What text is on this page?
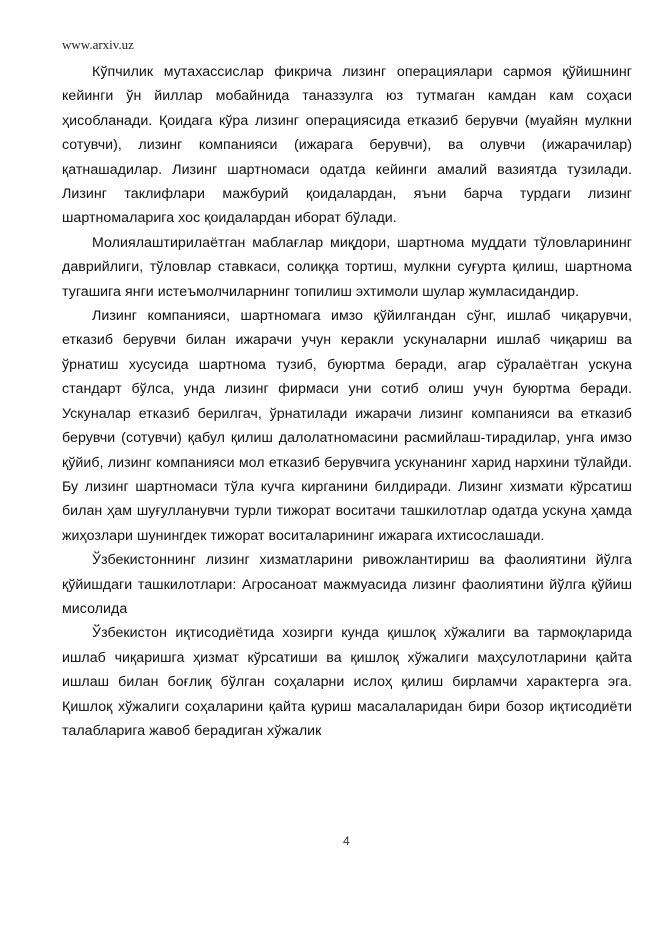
www.arxiv.uz

Кўпчилик мутахассислар фикрича лизинг операциялари сармоя қўйишнинг кейинги ўн йиллар мобайнида таназзулга юз тутмаган камдан кам соҳаси ҳисобланади. Қоидага кўра лизинг операциясида етказиб берувчи (муайян мулкни сотувчи), лизинг компанияси (ижарага берувчи), ва олувчи (ижарачилар) қатнашадилар. Лизинг шартномаси одатда кейинги амалий вазиятда тузилади. Лизинг таклифлари мажбурий қоидалардан, яъни барча турдаги лизинг шартномаларига хос қоидалардан иборат бўлади.

Молиялаштирилаётган маблағлар миқдори, шартнома муддати тўловларининг даврийлиги, тўловлар ставкаси, солиққа тортиш, мулкни суғурта қилиш, шартнома тугашига янги истеъмолчиларнинг топилиш эхтимоли шулар жумласидандир.

Лизинг компанияси, шартномага имзо қўйилгандан сўнг, ишлаб чиқарувчи, етказиб берувчи билан ижарачи учун керакли ускуналарни ишлаб чиқариш ва ўрнатиш хусусида шартнома тузиб, буюртма беради, агар сўралаётган ускуна стандарт бўлса, унда лизинг фирмаси уни сотиб олиш учун буюртма беради. Ускуналар етказиб берилгач, ўрнатилади ижарачи лизинг компанияси ва етказиб берувчи (сотувчи) қабул қилиш далолатномасини расмийлаш-тирадилар, унга имзо қўйиб, лизинг компанияси мол етказиб берувчига ускунанинг харид нархини тўлайди. Бу лизинг шартномаси тўла кучга кирганини билдиради. Лизинг хизмати кўрсатиш билан ҳам шуғулланувчи турли тижорат воситачи ташкилотлар одатда ускуна ҳамда жиҳозлари шунингдек тижорат воситаларининг ижарага ихтисослашади.

Ўзбекистоннинг лизинг хизматларини ривожлантириш ва фаолиятини йўлга қўйишдаги ташкилотлари: Агросаноат мажмуасида лизинг фаолиятини йўлга қўйиш мисолида

Ўзбекистон иқтисодиётида хозирги кунда қишлоқ хўжалиги ва тармоқларида ишлаб чиқаришга ҳизмат кўрсатиши ва қишлоқ хўжалиги маҳсулотларини қайта ишлаш билан боғлиқ бўлган соҳаларни ислоҳ қилиш бирламчи характерга эга. Қишлоқ хўжалиги соҳаларини қайта қуриш масалаларидан бири бозор иқтисодиёти талабларига жавоб берадиган хўжалик

4
